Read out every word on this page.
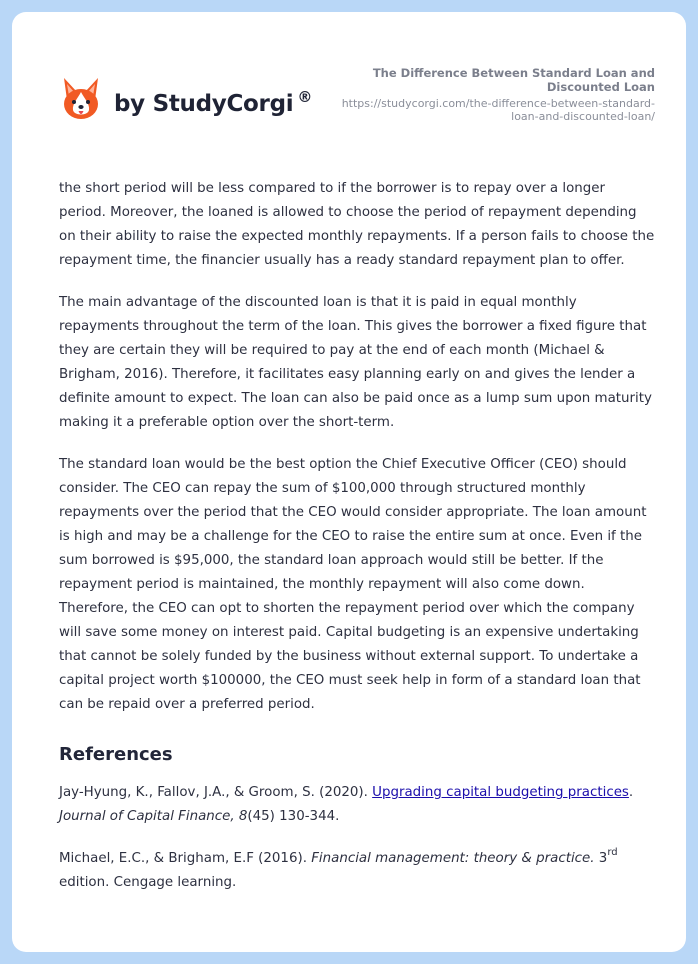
by StudyCorgi ®
The Difference Between Standard Loan and Discounted Loan
https://studycorgi.com/the-difference-between-standard-loan-and-discounted-loan/

the short period will be less compared to if the borrower is to repay over a longer period. Moreover, the loaned is allowed to choose the period of repayment depending on their ability to raise the expected monthly repayments. If a person fails to choose the repayment time, the financier usually has a ready standard repayment plan to offer.

The main advantage of the discounted loan is that it is paid in equal monthly repayments throughout the term of the loan. This gives the borrower a fixed figure that they are certain they will be required to pay at the end of each month (Michael & Brigham, 2016). Therefore, it facilitates easy planning early on and gives the lender a definite amount to expect. The loan can also be paid once as a lump sum upon maturity making it a preferable option over the short-term.

The standard loan would be the best option the Chief Executive Officer (CEO) should consider. The CEO can repay the sum of $100,000 through structured monthly repayments over the period that the CEO would consider appropriate. The loan amount is high and may be a challenge for the CEO to raise the entire sum at once. Even if the sum borrowed is $95,000, the standard loan approach would still be better. If the repayment period is maintained, the monthly repayment will also come down. Therefore, the CEO can opt to shorten the repayment period over which the company will save some money on interest paid. Capital budgeting is an expensive undertaking that cannot be solely funded by the business without external support. To undertake a capital project worth $100000, the CEO must seek help in form of a standard loan that can be repaid over a preferred period.

References
Jay-Hyung, K., Fallov, J.A., & Groom, S. (2020). Upgrading capital budgeting practices. Journal of Capital Finance, 8(45) 130-344.
Michael, E.C., & Brigham, E.F (2016). Financial management: theory & practice. 3rd edition. Cengage learning.
